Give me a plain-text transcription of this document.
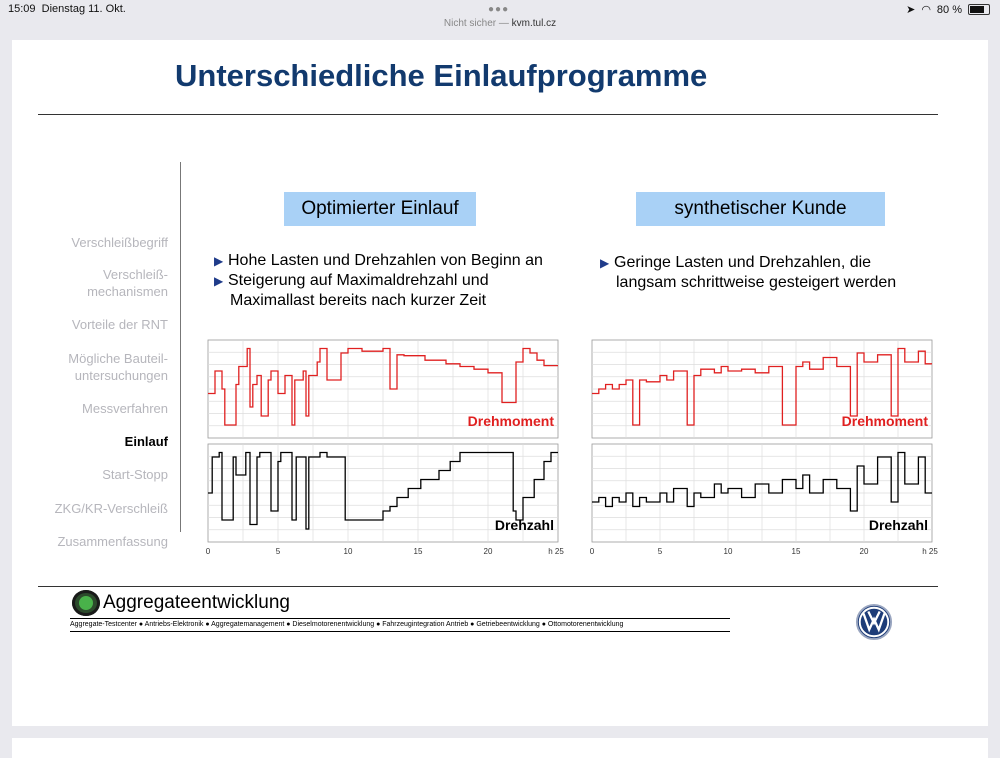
15:09 Dienstag 11. Okt.	➤ ◠ 80 %
●●●
Nicht sicher — kvm.tul.cz
Unterschiedliche Einlaufprogramme
Verschleißbegriff
Verschleiß-
mechanismen
Vorteile der RNT
Mögliche Bauteil-
untersuchungen
Messverfahren
Einlauf
Start-Stopp
ZKG/KR-Verschleiß
Zusammenfassung
Optimierter Einlauf	synthetischer Kunde
▶ Hohe Lasten und Drehzahlen von Beginn an
▶ Steigerung auf Maximaldrehzahl und
Maximallast bereits nach kurzer Zeit
▶ Geringe Lasten und Drehzahlen, die
langsam schrittweise gesteigert werden
Drehmoment
Drehzahl
0	5	10	15	20	h 25
Drehmoment
Drehzahl
0	5	10	15	20	h 25
Aggregateentwicklung
Aggregate-Testcenter ● Antriebs-Elektronik ● Aggregatemanagement ● Dieselmotorenentwicklung ● Fahrzeugintegration Antrieb ● Getriebeentwicklung ● Ottomotorenentwicklung
